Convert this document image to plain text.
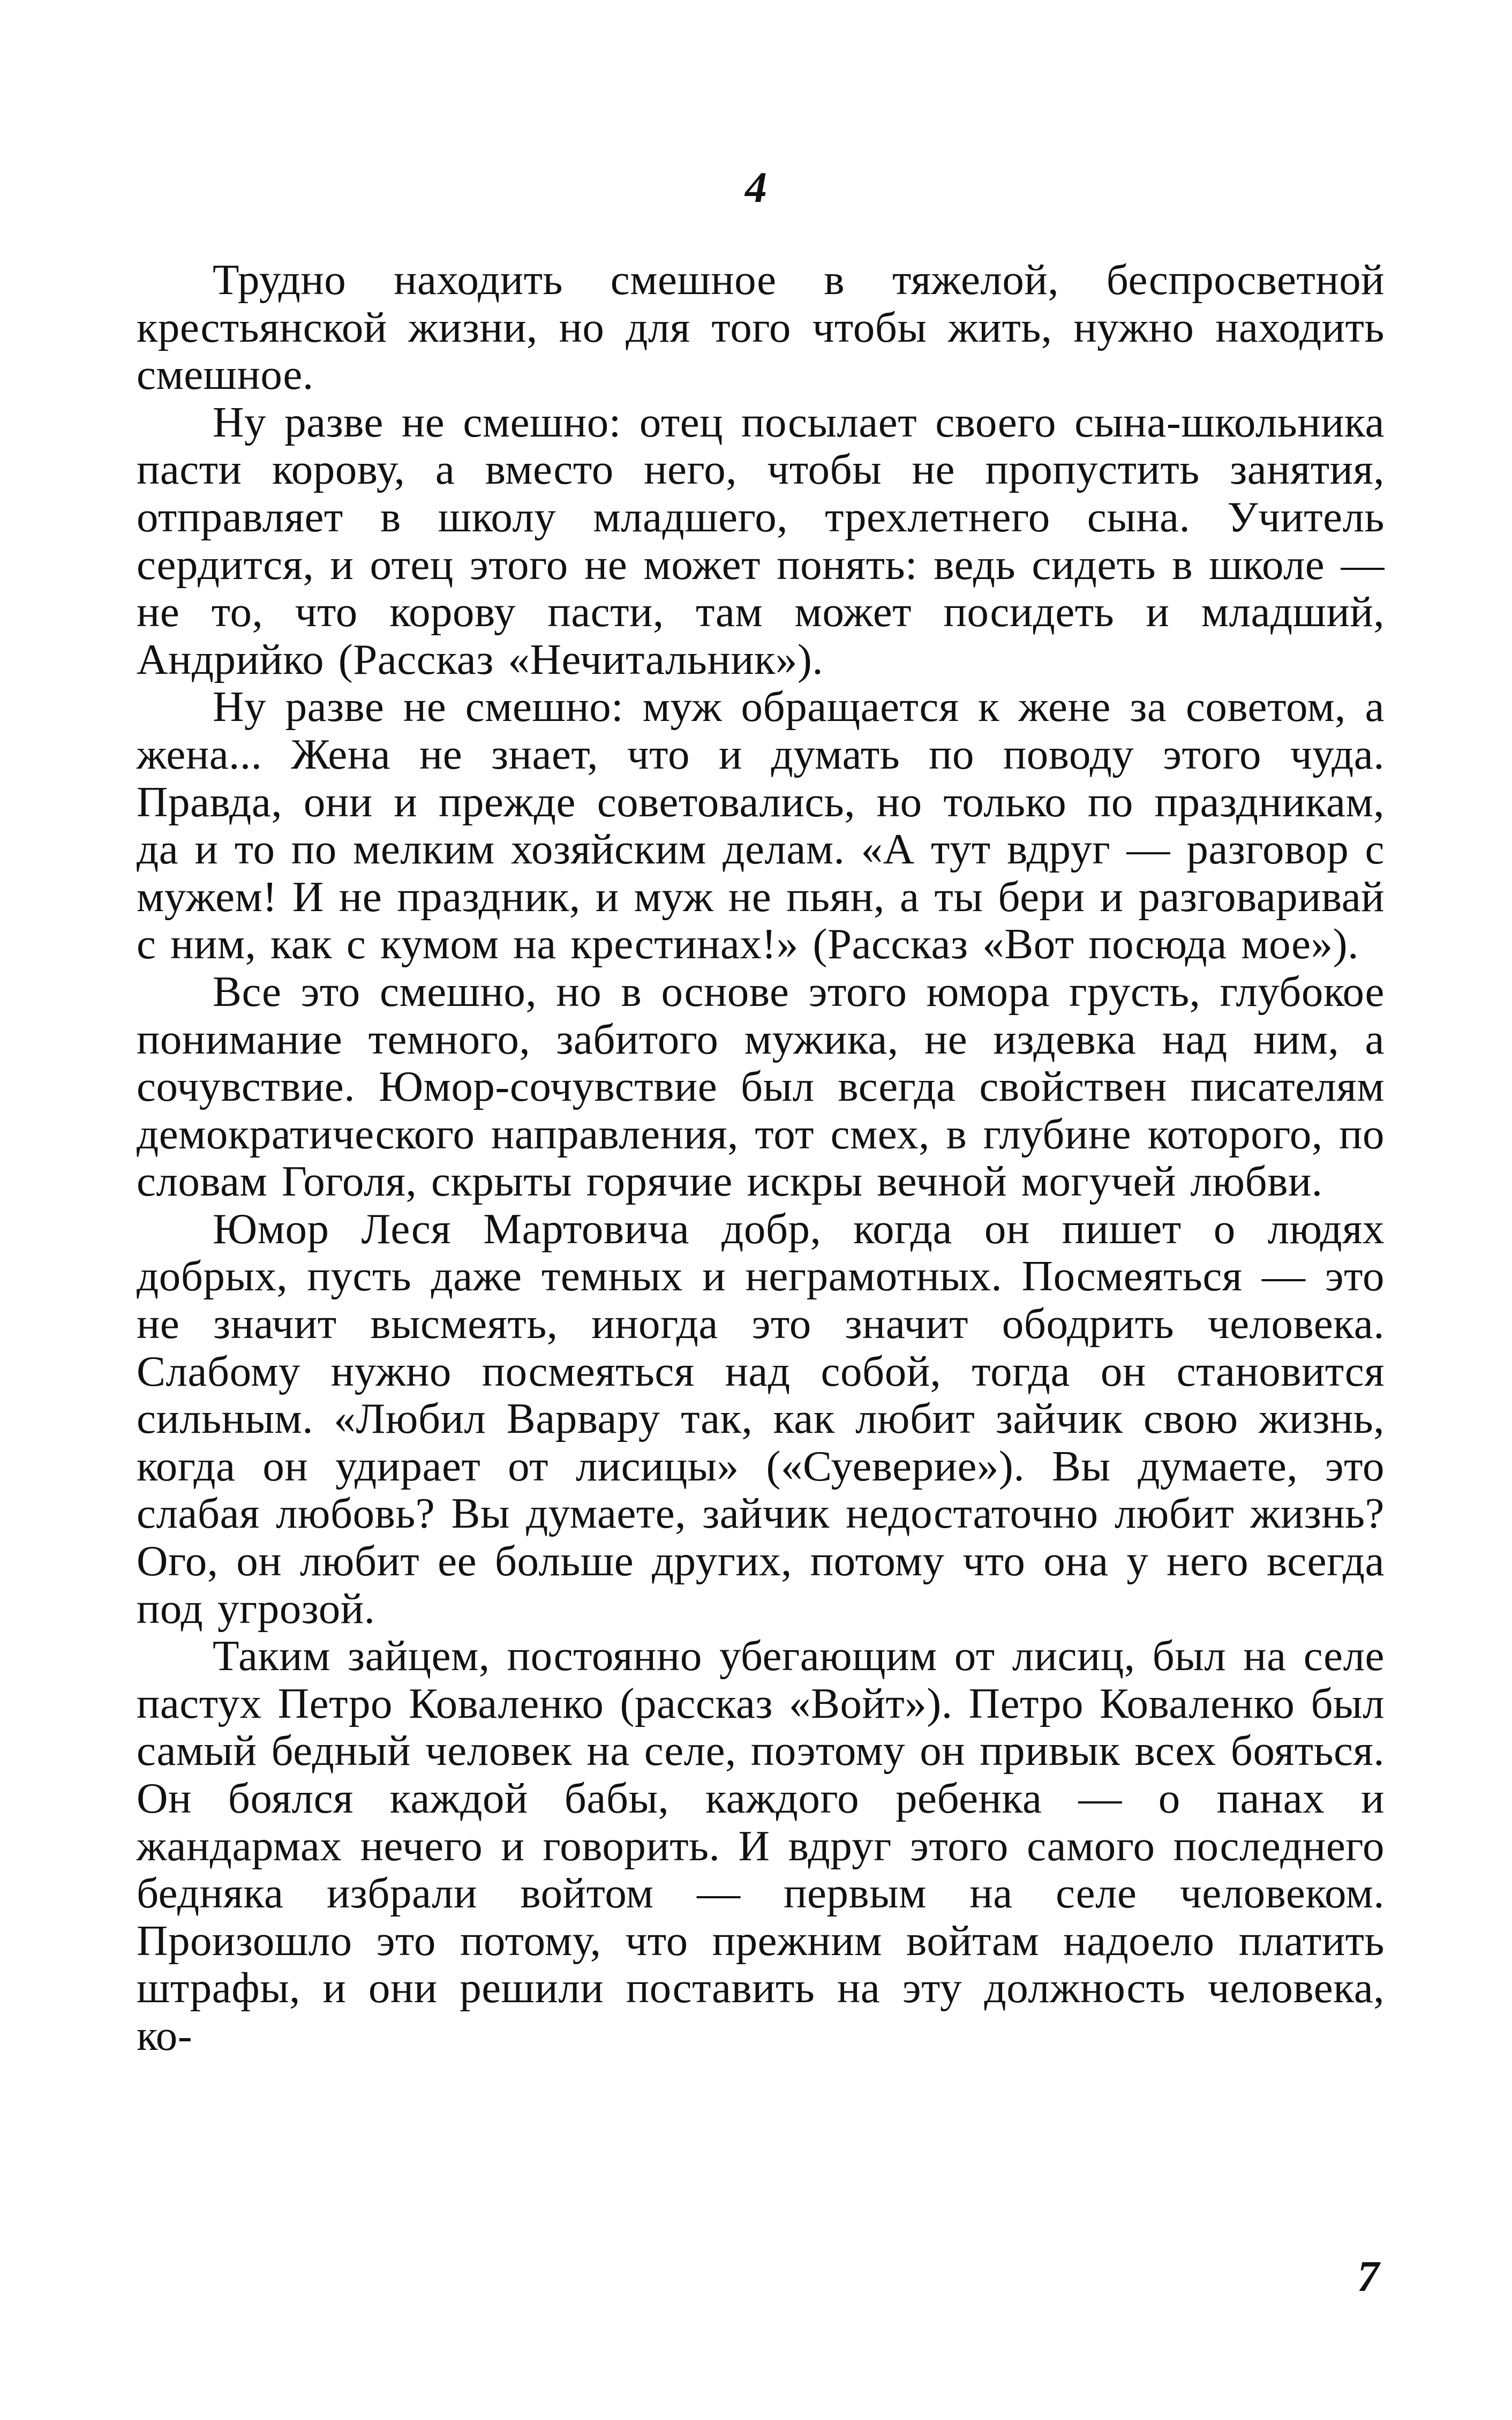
4

Трудно находить смешное в тяжелой, беспросветной крестьянской жизни, но для того чтобы жить, нужно находить смешное.

Ну разве не смешно: отец посылает своего сына-школьника пасти корову, а вместо него, чтобы не пропустить занятия, отправляет в школу младшего, трехлетнего сына. Учитель сердится, и отец этого не может понять: ведь сидеть в школе — не то, что корову пасти, там может посидеть и младший, Андрийко (Рассказ «Нечитальник»).

Ну разве не смешно: муж обращается к жене за советом, а жена... Жена не знает, что и думать по поводу этого чуда. Правда, они и прежде советовались, но только по праздникам, да и то по мелким хозяйским делам. «А тут вдруг — разговор с мужем! И не праздник, и муж не пьян, а ты бери и разговаривай с ним, как с кумом на крестинах!» (Рассказ «Вот посюда мое»).

Все это смешно, но в основе этого юмора грусть, глубокое понимание темного, забитого мужика, не издевка над ним, а сочувствие. Юмор-сочувствие был всегда свойствен писателям демократического направления, тот смех, в глубине которого, по словам Гоголя, скрыты горячие искры вечной могучей любви.

Юмор Леся Мартовича добр, когда он пишет о людях добрых, пусть даже темных и неграмотных. Посмеяться — это не значит высмеять, иногда это значит ободрить человека. Слабому нужно посмеяться над собой, тогда он становится сильным. «Любил Варвару так, как любит зайчик свою жизнь, когда он удирает от лисицы» («Суеверие»). Вы думаете, это слабая любовь? Вы думаете, зайчик недостаточно любит жизнь? Ого, он любит ее больше других, потому что она у него всегда под угрозой.

Таким зайцем, постоянно убегающим от лисиц, был на селе пастух Петро Коваленко (рассказ «Войт»). Петро Коваленко был самый бедный человек на селе, поэтому он привык всех бояться. Он боялся каждой бабы, каждого ребенка — о панах и жандармах нечего и говорить. И вдруг этого самого последнего бедняка избрали войтом — первым на селе человеком. Произошло это потому, что прежним войтам надоело платить штрафы, и они решили поставить на эту должность человека, ко-

7
